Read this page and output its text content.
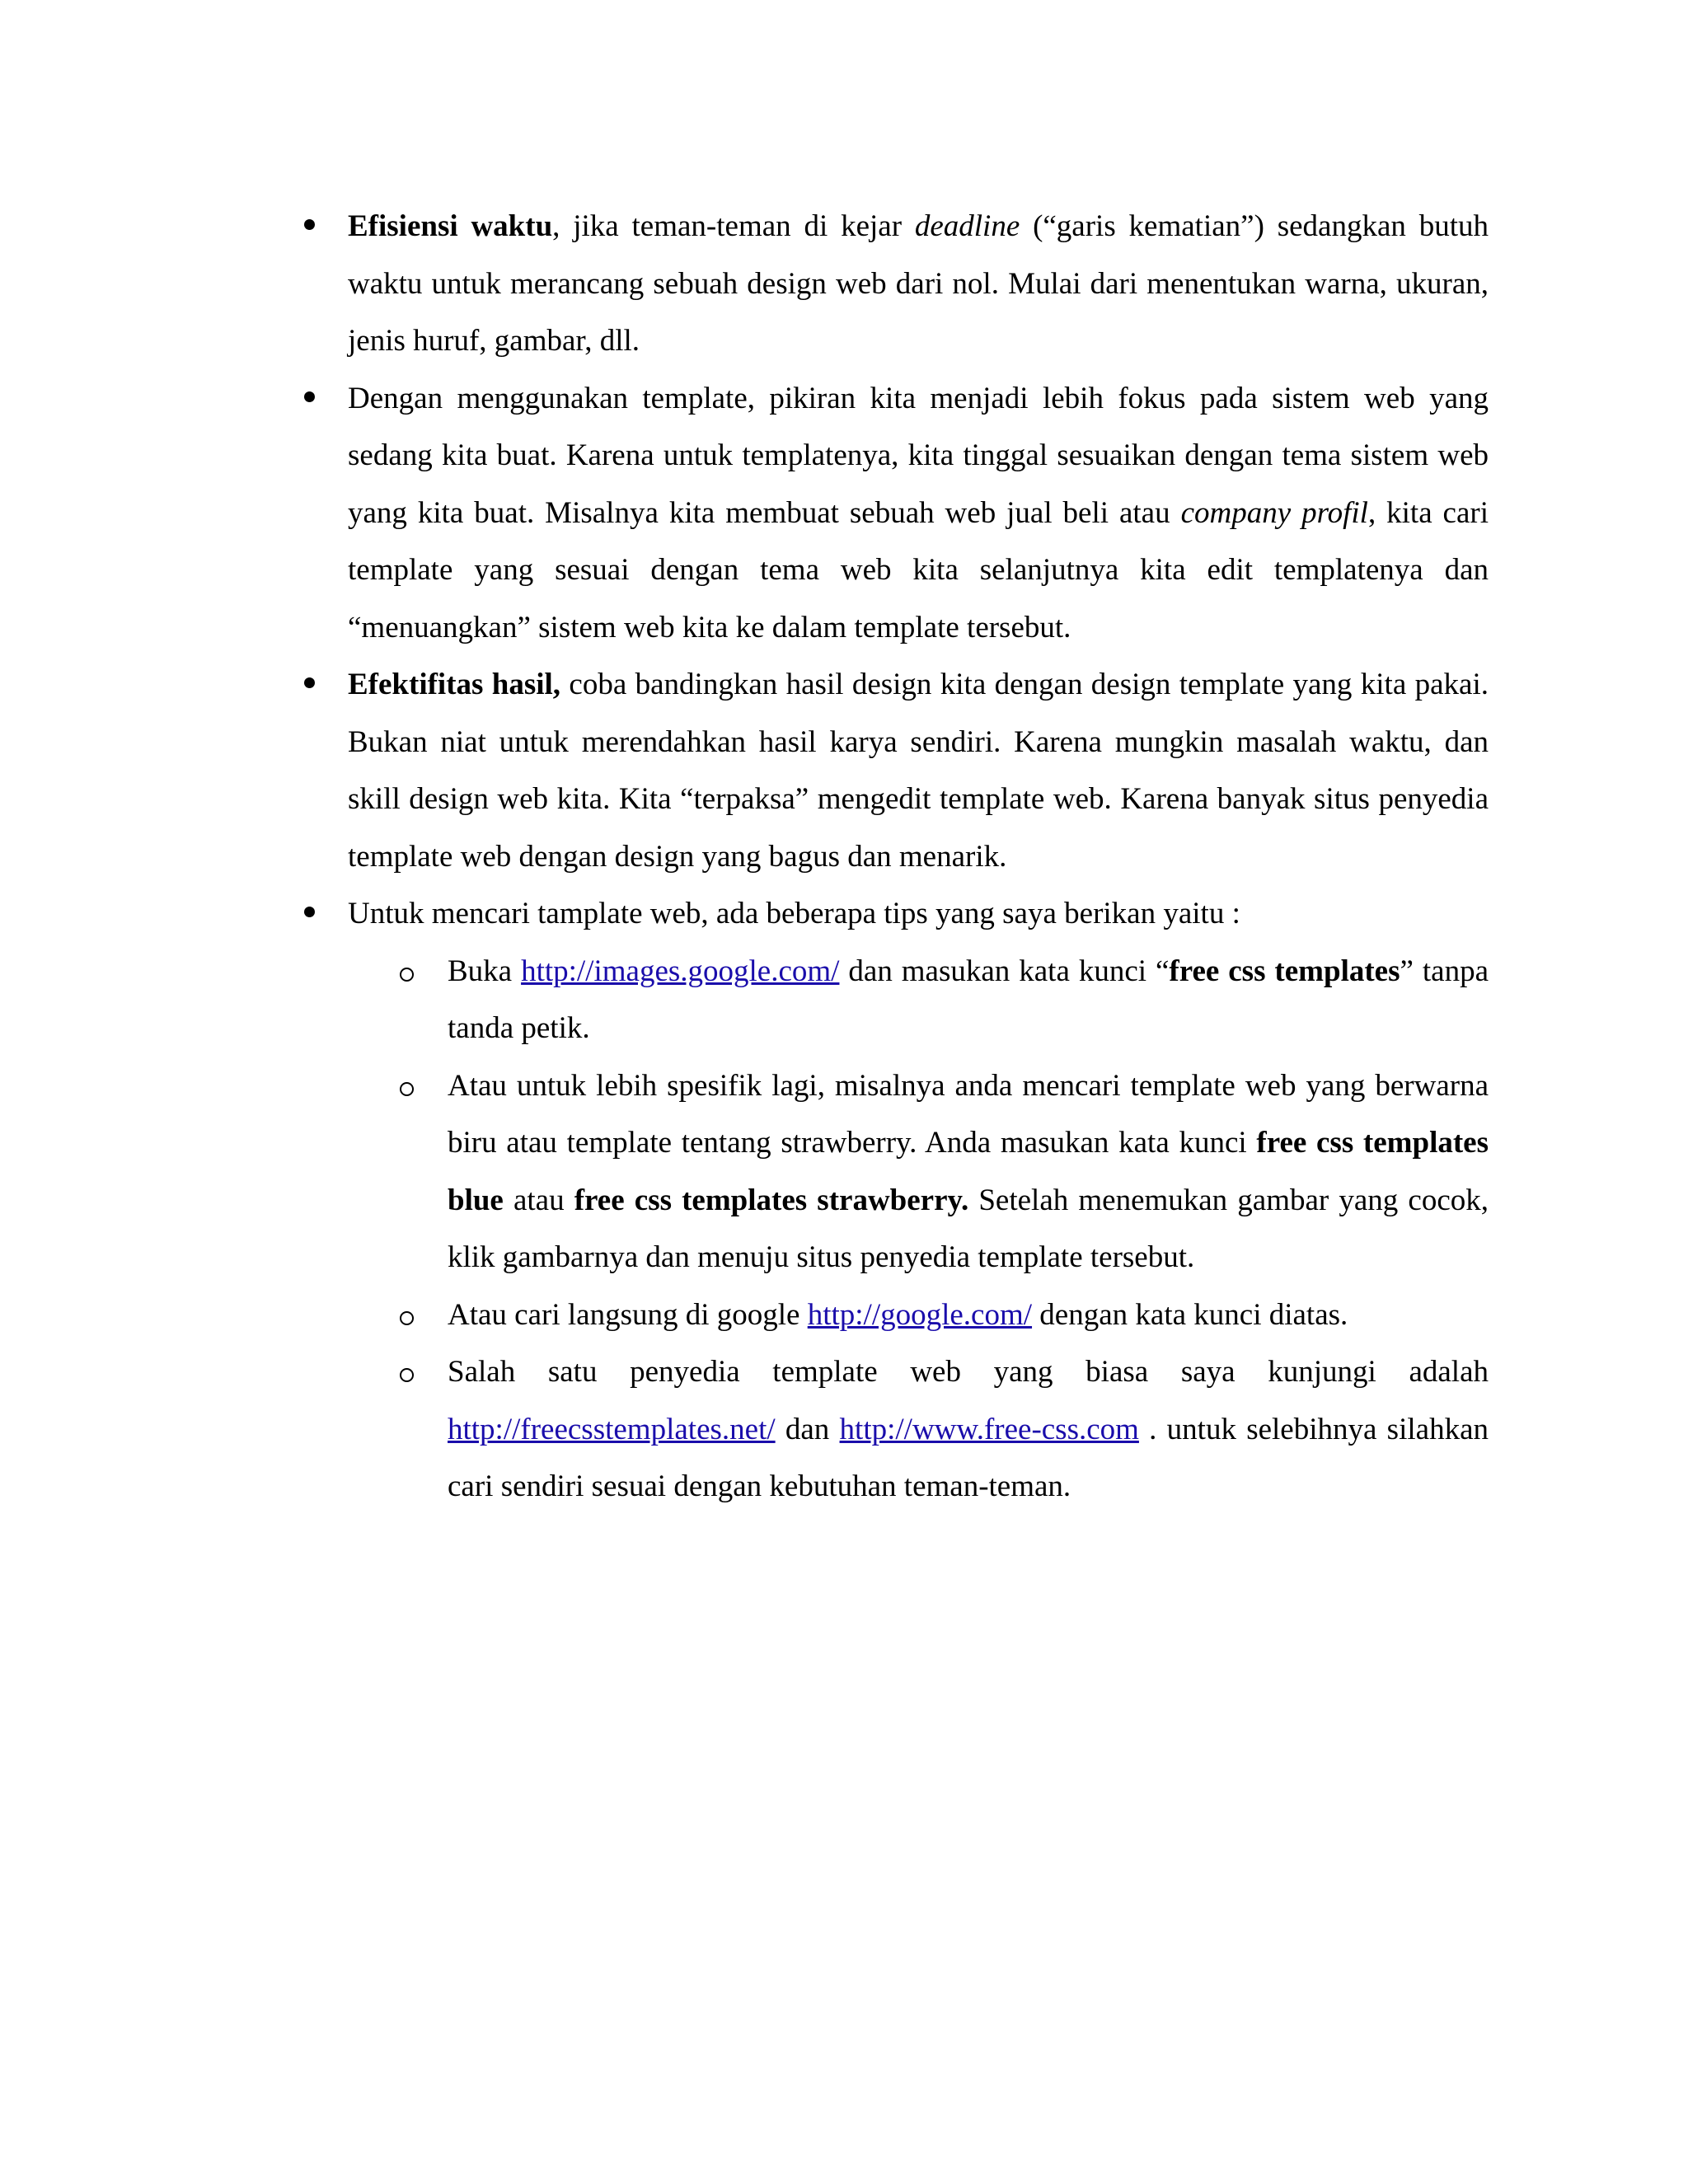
Efisiensi waktu, jika teman-teman di kejar deadline (“garis kematian”) sedangkan butuh waktu untuk merancang sebuah design web dari nol. Mulai dari menentukan warna, ukuran, jenis huruf, gambar, dll.
Dengan menggunakan template, pikiran kita menjadi lebih fokus pada sistem web yang sedang kita buat. Karena untuk templatenya, kita tinggal sesuaikan dengan tema sistem web yang kita buat. Misalnya kita membuat sebuah web jual beli atau company profil, kita cari template yang sesuai dengan tema web kita selanjutnya kita edit templatenya dan “menuangkan” sistem web kita ke dalam template tersebut.
Efektifitas hasil, coba bandingkan hasil design kita dengan design template yang kita pakai. Bukan niat untuk merendahkan hasil karya sendiri. Karena mungkin masalah waktu, dan skill design web kita. Kita “terpaksa” mengedit template web. Karena banyak situs penyedia template web dengan design yang bagus dan menarik.
Untuk mencari tamplate web, ada beberapa tips yang saya berikan yaitu :
Buka http://images.google.com/ dan masukan kata kunci “free css templates” tanpa tanda petik.
Atau untuk lebih spesifik lagi, misalnya anda mencari template web yang berwarna biru atau template tentang strawberry. Anda masukan kata kunci free css templates blue atau free css templates strawberry. Setelah menemukan gambar yang cocok, klik gambarnya dan menuju situs penyedia template tersebut.
Atau cari langsung di google http://google.com/ dengan kata kunci diatas.
Salah satu penyedia template web yang biasa saya kunjungi adalah http://freecsstemplates.net/ dan http://www.free-css.com . untuk selebihnya silahkan cari sendiri sesuai dengan kebutuhan teman-teman.
